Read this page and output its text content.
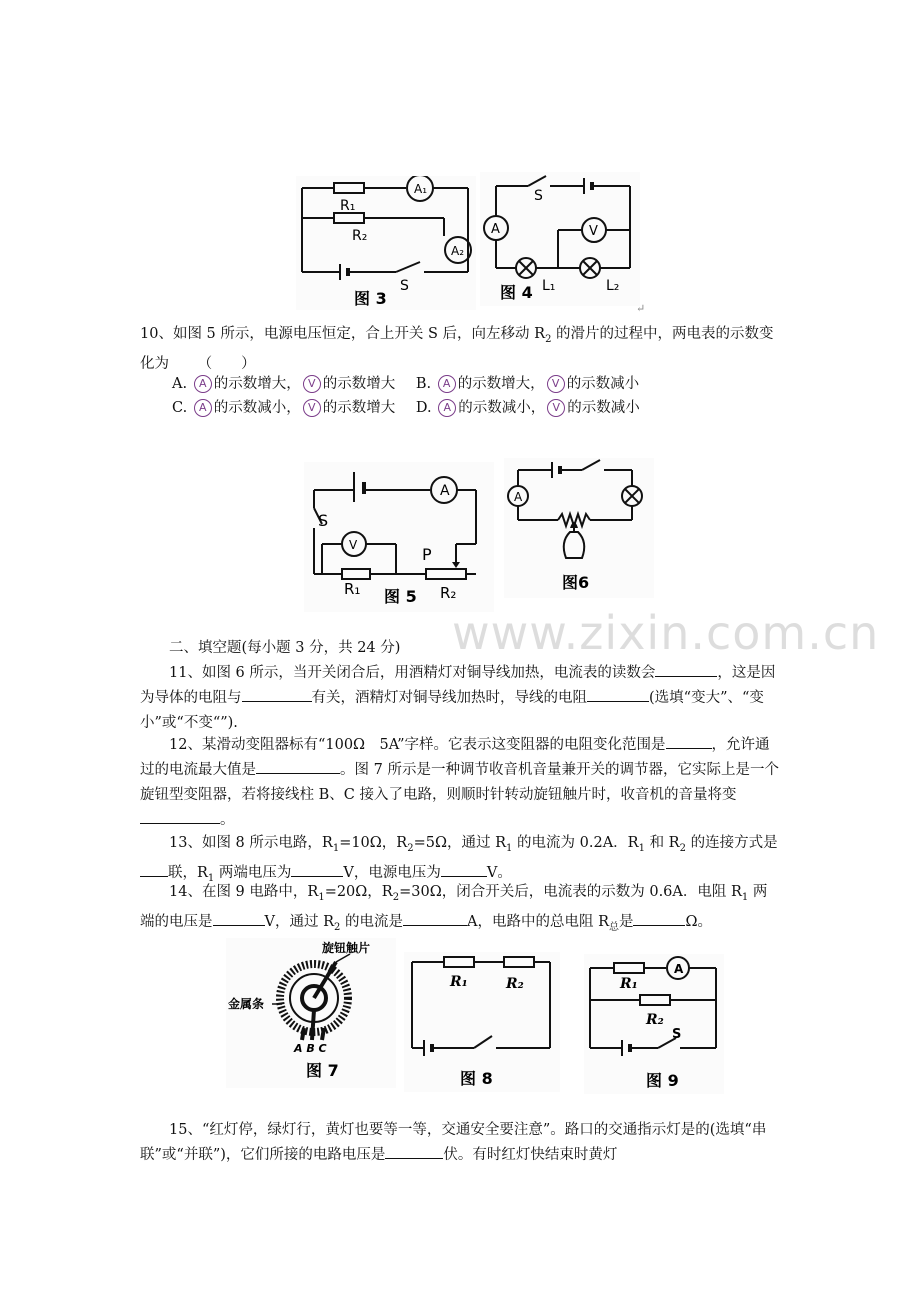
A₁
A₂
R₁
R₂
S
图 3
A	V
S
L₁	L₂
图 4
↵
10、如图 5 所示，电源电压恒定，合上开关 S 后，向左移动 $R_2$ 的滑片的过程中，两电表的示数变化为 （　　）
A. A 的示数增大， V 的示数增大 B. A 的示数增大， V 的示数减小
C. A 的示数减小， V 的示数增大 D. A 的示数减小， V 的示数减小
A
V
S
P
R₁	R₂
图 5
A
图6
www.zixin.com.cn
二、填空题(每小题 3 分，共 24 分)
11、如图 6 所示，当开关闭合后，用酒精灯对铜导线加热，电流表的读数会	，这是因为导体的电阻与	有关，酒精灯对铜导线加热时，导线的电阻	(选填“变大”、“变小”或“不变“”).
12、某滑动变阻器标有“100Ω　5A”字样。它表示这变阻器的电阻变化范围是	，允许通过的电流最大值是	。图 7 所示是一种调节收音机音量兼开关的调节器，它实际上是一个旋钮型变阻器，若将接线柱 B、C 接入了电路，则顺时针转动旋钮触片时，收音机的音量将变。
13、如图 8 所示电路，$R_1=10\Omega$，$R_2=5\Omega$，通过 $R_1$ 的电流为 0.2A．$R_1$ 和 $R_2$ 的连接方式是联，$R_1$ 两端电压为	V，电源电压为	V。
14、在图 9 电路中，$R_1=20\Omega$，$R_2=30\Omega$，闭合开关后，电流表的示数为 0.6A．电阻 $R_1$ 两端的电压是	V，通过 $R_2$ 的电流是	A，电路中的总电阻 $R_总$是	Ω。
旋钮触片
金属条
A B C
图 7
R₁	R₂
图 8
A
R₁
R₂
S
图 9
15、“红灯停，绿灯行，黄灯也要等一等，交通安全要注意”。路口的交通指示灯是的(选填“串联”或“并联”)，它们所接的电路电压是	伏。有时红灯快结束时黄灯
